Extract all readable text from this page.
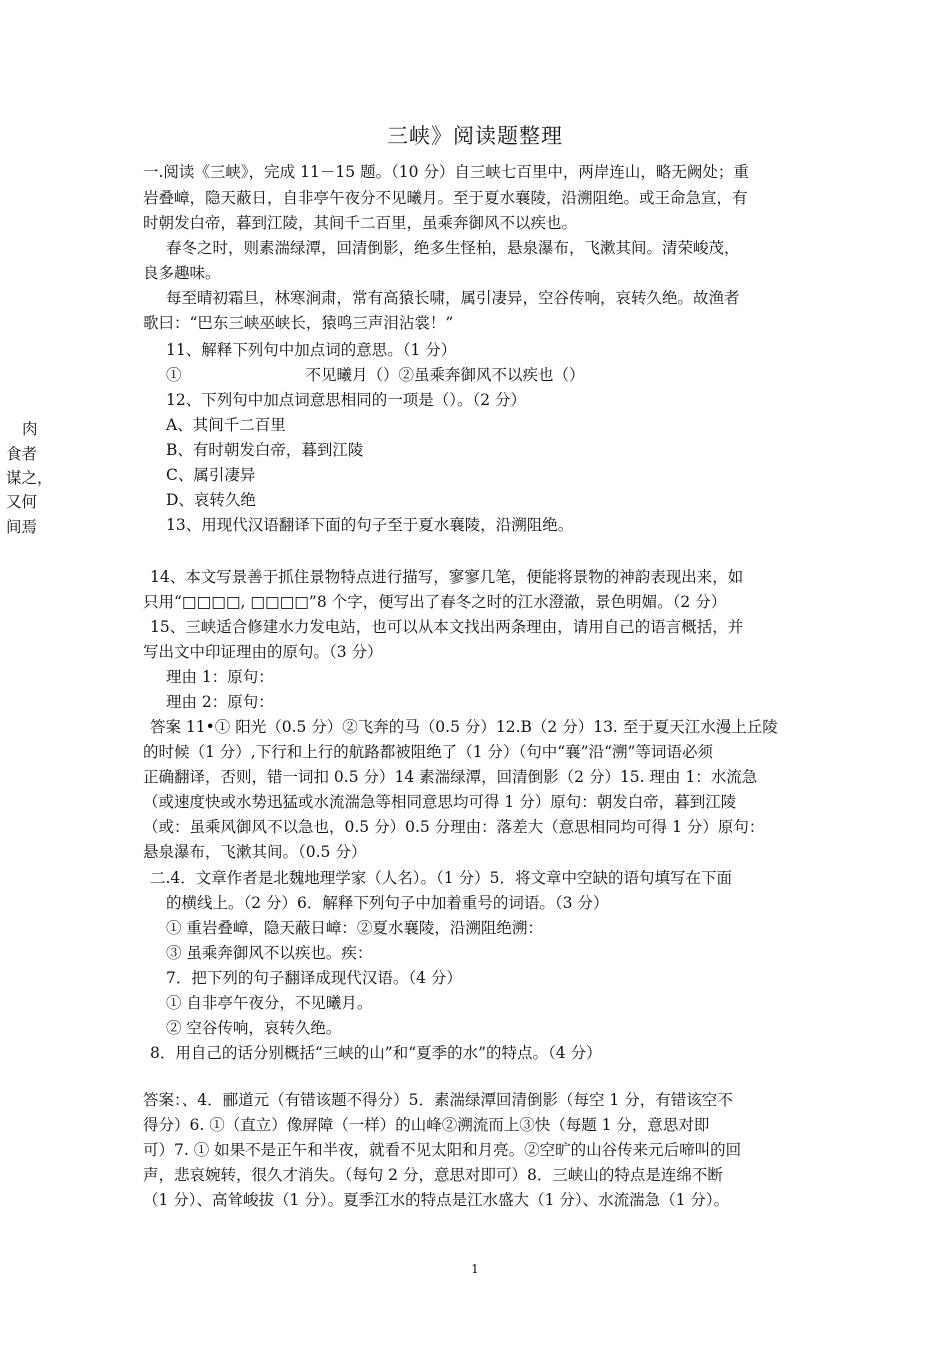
三峡》阅读题整理
一.阅读《三峡》，完成 11－15 题。（10 分）自三峡七百里中，两岸连山，略无阙处；重
岩叠嶂，隐天蔽日，自非亭午夜分不见曦月。至于夏水襄陵，沿溯阻绝。或王命急宣，有
时朝发白帝，暮到江陵，其间千二百里，虽乘奔御风不以疾也。
春冬之时，则素湍绿潭，回清倒影，绝多生怪柏，悬泉瀑布，飞漱其间。清荣峻茂，
良多趣味。
每至晴初霜旦，林寒涧肃，常有高猿长啸，属引凄异，空谷传响，哀转久绝。故渔者
歌曰：“巴东三峡巫峡长，猿鸣三声泪沾裳！”
11、解释下列句中加点词的意思。（1 分）
①　　　　　　　　不见曦月（）②虽乘奔御风不以疾也（）
12、下列句中加点词意思相同的一项是（）。（2 分）
A、其间千二百里
B、有时朝发白帝，暮到江陵
C、属引凄异
D、哀转久绝
13、用现代汉语翻译下面的句子至于夏水襄陵，沿溯阻绝。
肉
食者
谋之，
又何
间焉
14、本文写景善于抓住景物特点进行描写，寥寥几笔，便能将景物的神韵表现出来，如
只用“□□□□, □□□□”8 个字，便写出了春冬之时的江水澄澈，景色明媚。（2 分）
15、三峡适合修建水力发电站，也可以从本文找出两条理由，请用自己的语言概括，并
写出文中印证理由的原句。（3 分）
理由 1：原句：
理由 2：原句：
答案 11•① 阳光（0.5 分）②飞奔的马（0.5 分）12.B（2 分）13. 至于夏天江水漫上丘陵
的时候（1 分）,下行和上行的航路都被阻绝了（1 分）（句中“襄”沿“溯”等词语必须
正确翻译，否则，错一词扣 0.5 分）14 素湍绿潭，回清倒影（2 分）15. 理由 1：水流急
（或速度快或水势迅猛或水流湍急等相同意思均可得 1 分）原句：朝发白帝，暮到江陵
（或：虽乘风御风不以急也，0.5 分）0.5 分理由：落差大（意思相同均可得 1 分）原句：
悬泉瀑布，飞漱其间。（0.5 分）
二.4．文章作者是北魏地理学家（人名）。（1 分）5．将文章中空缺的语句填写在下面
的横线上。（2 分）6．解释下列句子中加着重号的词语。（3 分）
① 重岩叠嶂，隐天蔽日嶂：②夏水襄陵，沿溯阻绝溯：
③ 虽乘奔御风不以疾也。疾：
7．把下列的句子翻译成现代汉语。（4 分）
① 自非亭午夜分，不见曦月。
② 空谷传响，哀转久绝。
8．用自己的话分别概括“三峡的山”和“夏季的水”的特点。（4 分）
答案：、4．郦道元（有错该题不得分）5．素湍绿潭回清倒影（每空 1 分，有错该空不
得分）6. ①（直立）像屏障（一样）的山峰②溯流而上③快（每题 1 分，意思对即
可）7. ① 如果不是正午和半夜，就看不见太阳和月亮。②空旷的山谷传来元后啼叫的回
声，悲哀婉转，很久才消失。（每句 2 分，意思对即可）8．三峡山的特点是连绵不断
（1 分）、高耸峻拔（1 分）。夏季江水的特点是江水盛大（1 分）、水流湍急（1 分）。
1
